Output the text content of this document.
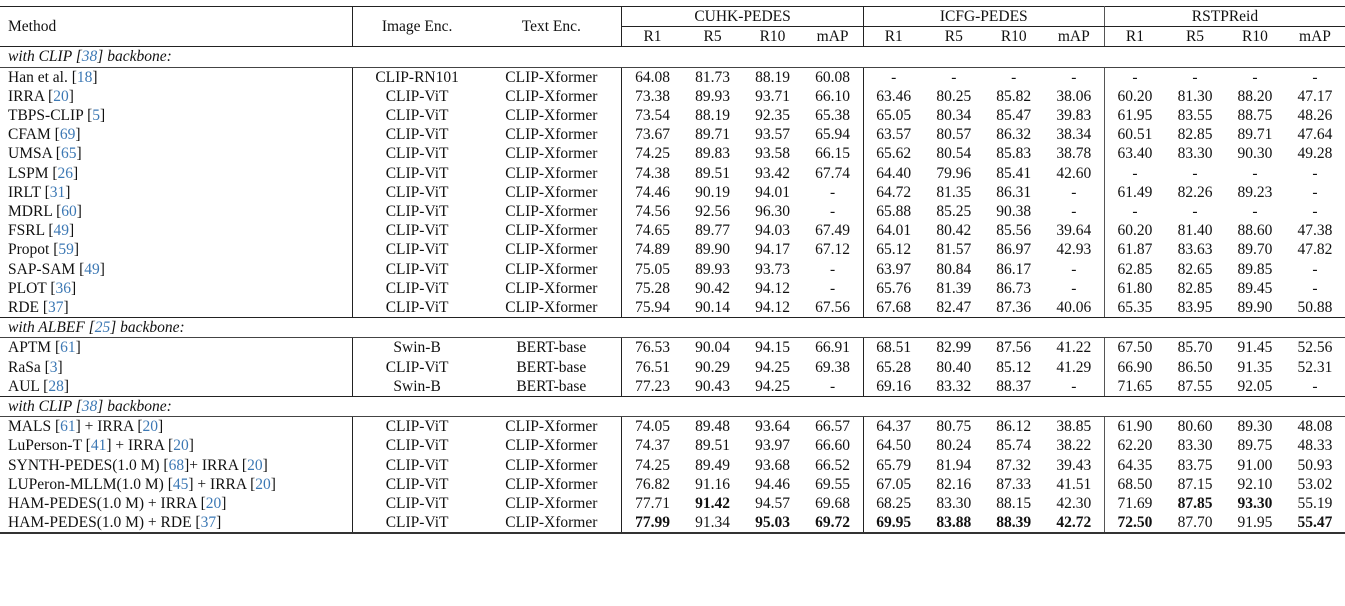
Method	Image Enc.	Text Enc.	CUHK-PEDES				ICFG-PEDES				RSTPReid			
			R1	R5	R10	mAP	R1	R5	R10	mAP	R1	R5	R10	mAP
with CLIP [38] backbone:														
Han et al. [18]	CLIP-RN101	CLIP-Xformer	64.08	81.73	88.19	60.08	-	-	-	-	-	-	-	-
IRRA [20]	CLIP-ViT	CLIP-Xformer	73.38	89.93	93.71	66.10	63.46	80.25	85.82	38.06	60.20	81.30	88.20	47.17
TBPS-CLIP [5]	CLIP-ViT	CLIP-Xformer	73.54	88.19	92.35	65.38	65.05	80.34	85.47	39.83	61.95	83.55	88.75	48.26
CFAM [69]	CLIP-ViT	CLIP-Xformer	73.67	89.71	93.57	65.94	63.57	80.57	86.32	38.34	60.51	82.85	89.71	47.64
UMSA [65]	CLIP-ViT	CLIP-Xformer	74.25	89.83	93.58	66.15	65.62	80.54	85.83	38.78	63.40	83.30	90.30	49.28
LSPM [26]	CLIP-ViT	CLIP-Xformer	74.38	89.51	93.42	67.74	64.40	79.96	85.41	42.60	-	-	-	-
IRLT [31]	CLIP-ViT	CLIP-Xformer	74.46	90.19	94.01	-	64.72	81.35	86.31	-	61.49	82.26	89.23	-
MDRL [60]	CLIP-ViT	CLIP-Xformer	74.56	92.56	96.30	-	65.88	85.25	90.38	-	-	-	-	-
FSRL [49]	CLIP-ViT	CLIP-Xformer	74.65	89.77	94.03	67.49	64.01	80.42	85.56	39.64	60.20	81.40	88.60	47.38
Propot [59]	CLIP-ViT	CLIP-Xformer	74.89	89.90	94.17	67.12	65.12	81.57	86.97	42.93	61.87	83.63	89.70	47.82
SAP-SAM [49]	CLIP-ViT	CLIP-Xformer	75.05	89.93	93.73	-	63.97	80.84	86.17	-	62.85	82.65	89.85	-
PLOT [36]	CLIP-ViT	CLIP-Xformer	75.28	90.42	94.12	-	65.76	81.39	86.73	-	61.80	82.85	89.45	-
RDE [37]	CLIP-ViT	CLIP-Xformer	75.94	90.14	94.12	67.56	67.68	82.47	87.36	40.06	65.35	83.95	89.90	50.88
with ALBEF [25] backbone:														
APTM [61]	Swin-B	BERT-base	76.53	90.04	94.15	66.91	68.51	82.99	87.56	41.22	67.50	85.70	91.45	52.56
RaSa [3]	CLIP-ViT	BERT-base	76.51	90.29	94.25	69.38	65.28	80.40	85.12	41.29	66.90	86.50	91.35	52.31
AUL [28]	Swin-B	BERT-base	77.23	90.43	94.25	-	69.16	83.32	88.37	-	71.65	87.55	92.05	-
with CLIP [38] backbone:														
MALS [61] + IRRA [20]	CLIP-ViT	CLIP-Xformer	74.05	89.48	93.64	66.57	64.37	80.75	86.12	38.85	61.90	80.60	89.30	48.08
LuPerson-T [41] + IRRA [20]	CLIP-ViT	CLIP-Xformer	74.37	89.51	93.97	66.60	64.50	80.24	85.74	38.22	62.20	83.30	89.75	48.33
SYNTH-PEDES(1.0 M) [68]+ IRRA [20]	CLIP-ViT	CLIP-Xformer	74.25	89.49	93.68	66.52	65.79	81.94	87.32	39.43	64.35	83.75	91.00	50.93
LUPeron-MLLM(1.0 M) [45] + IRRA [20]	CLIP-ViT	CLIP-Xformer	76.82	91.16	94.46	69.55	67.05	82.16	87.33	41.51	68.50	87.15	92.10	53.02
HAM-PEDES(1.0 M) + IRRA [20]	CLIP-ViT	CLIP-Xformer	77.71	91.42	94.57	69.68	68.25	83.30	88.15	42.30	71.69	87.85	93.30	55.19
HAM-PEDES(1.0 M) + RDE [37]	CLIP-ViT	CLIP-Xformer	77.99	91.34	95.03	69.72	69.95	83.88	88.39	42.72	72.50	87.70	91.95	55.47
